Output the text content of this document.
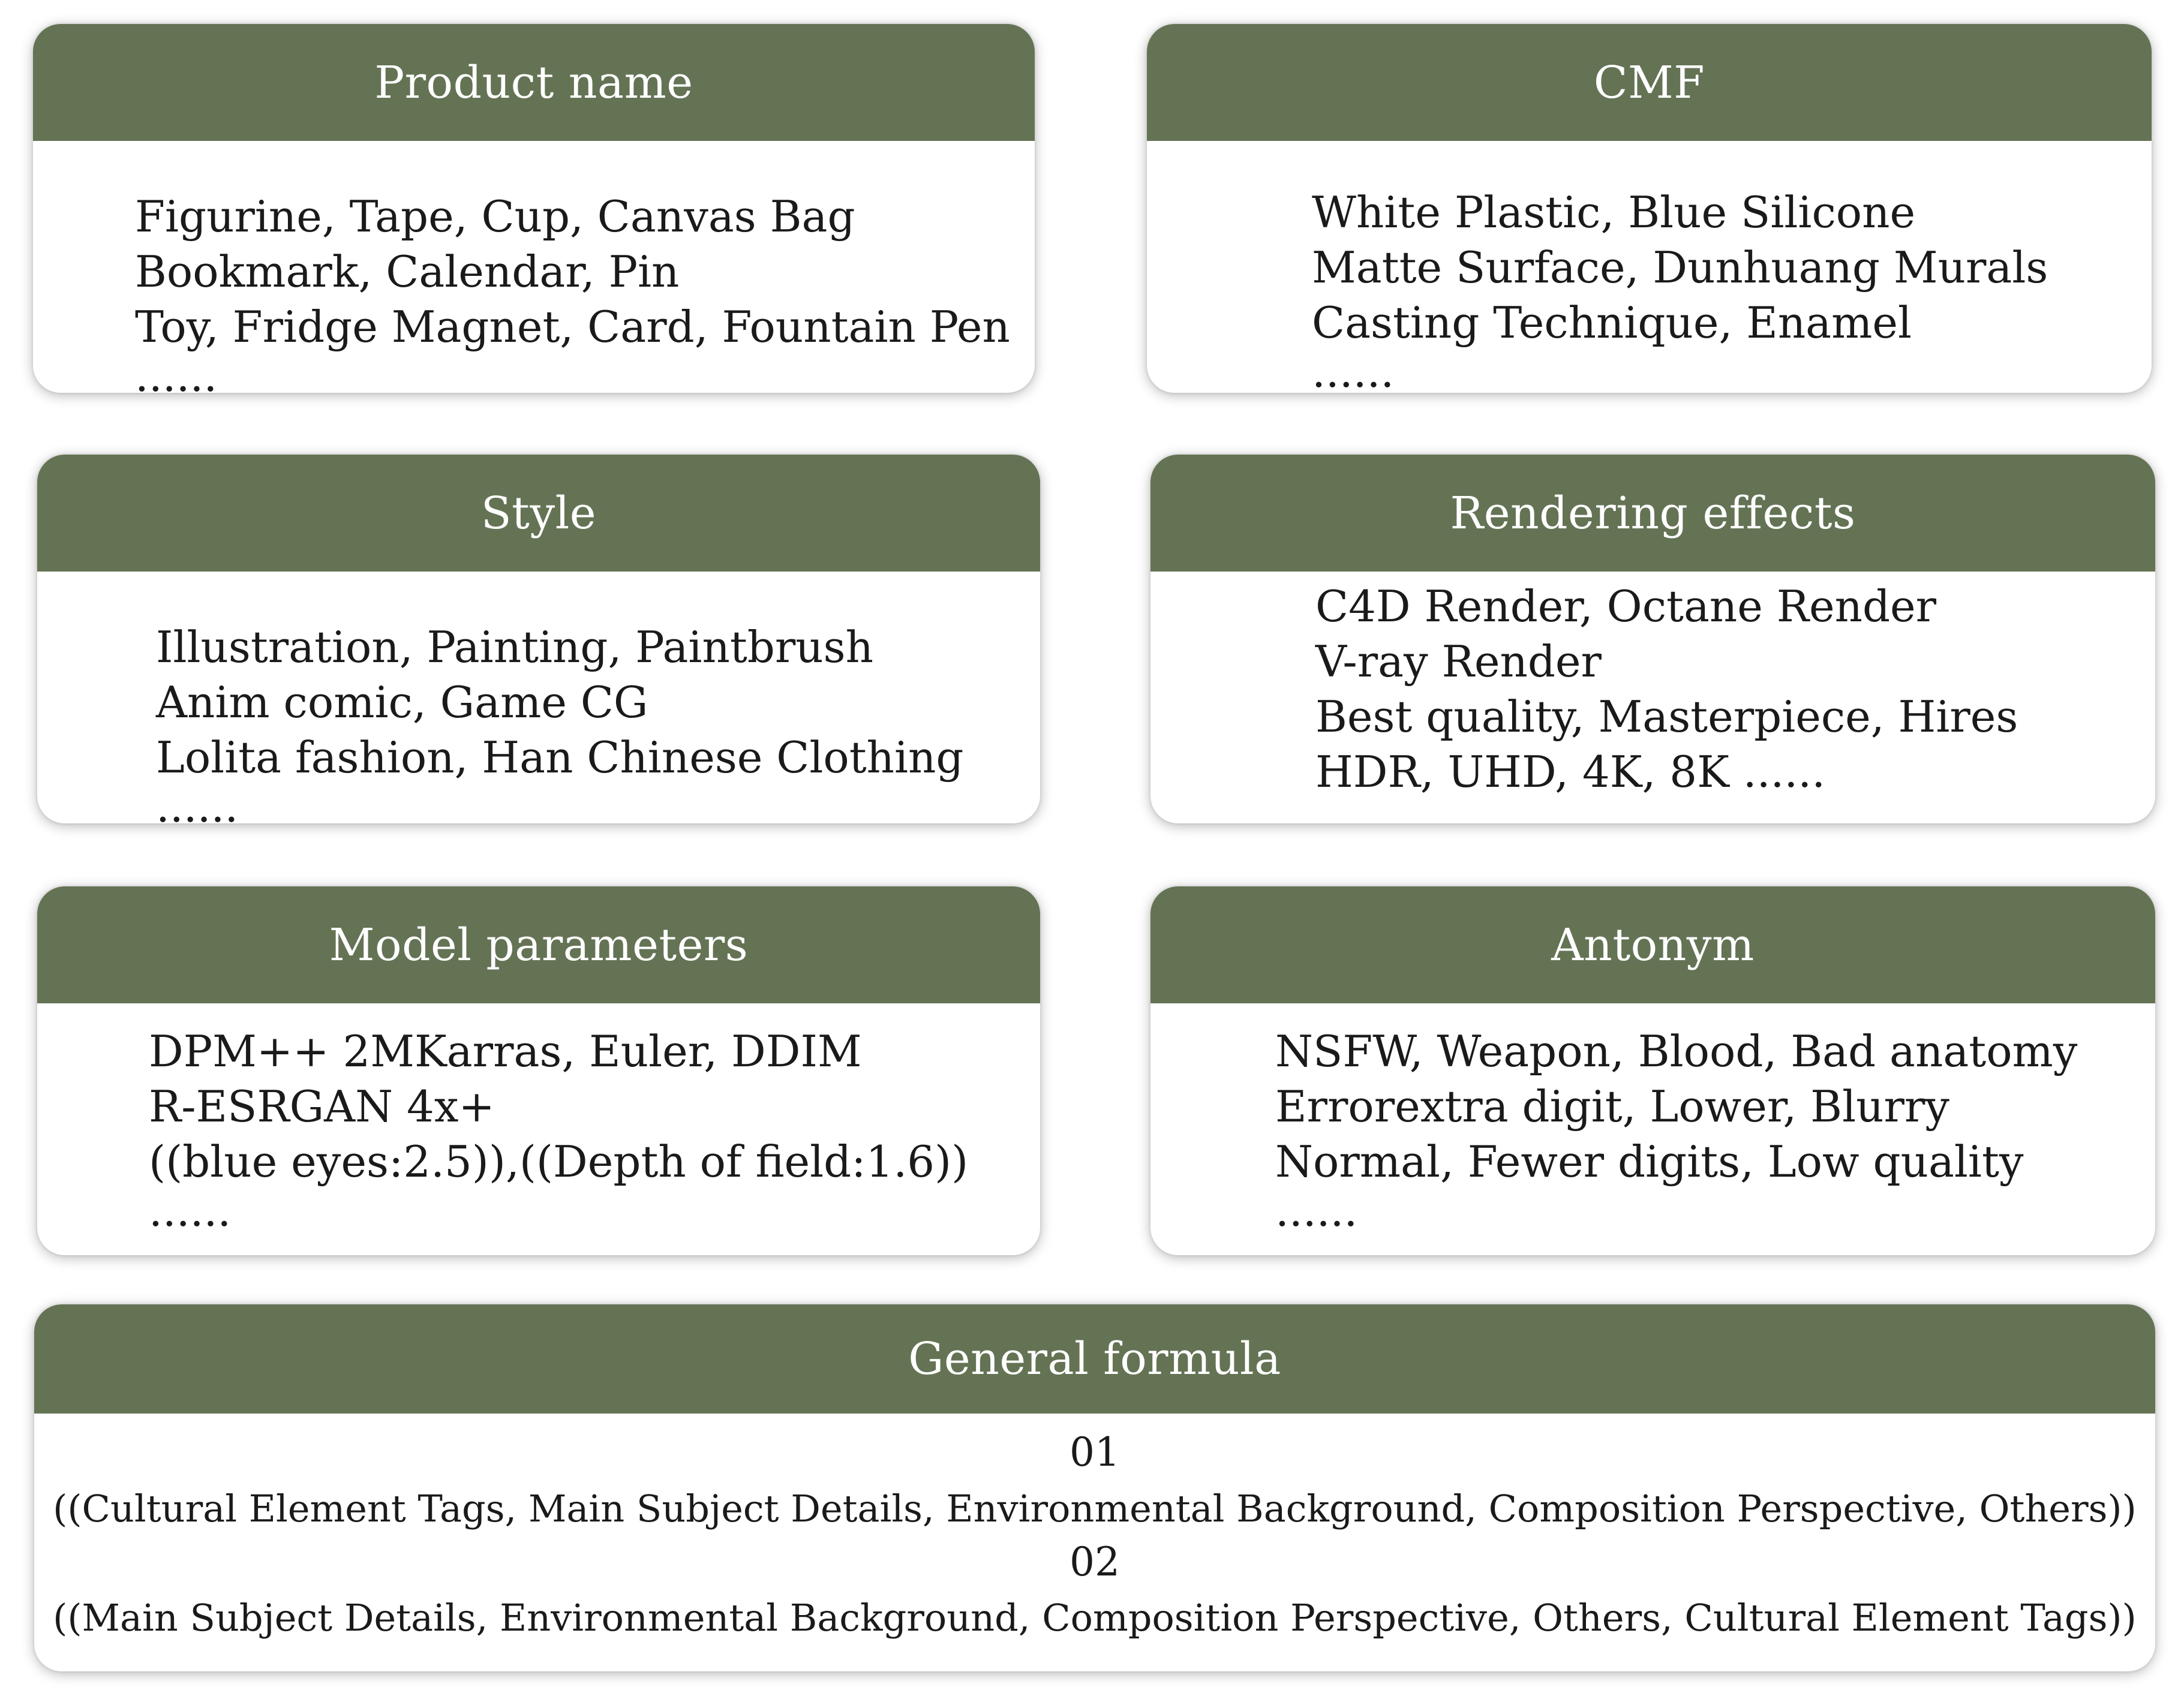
Product name
Figurine, Tape, Cup, Canvas Bag
Bookmark, Calendar, Pin
Toy, Fridge Magnet, Card, Fountain Pen
......
CMF
White Plastic, Blue Silicone
Matte Surface, Dunhuang Murals
Casting Technique, Enamel
......
Style
Illustration, Painting, Paintbrush
Anim comic, Game CG
Lolita fashion, Han Chinese Clothing
......
Rendering effects
C4D Render, Octane Render
V-ray Render
Best quality, Masterpiece, Hires
HDR, UHD, 4K, 8K ......
Model parameters
DPM++ 2MKarras, Euler, DDIM
R-ESRGAN 4x+
((blue eyes:2.5)),((Depth of field:1.6))
......
Antonym
NSFW, Weapon, Blood, Bad anatomy
Errorextra digit, Lower, Blurry
Normal, Fewer digits, Low quality
......
General formula
01
((Cultural Element Tags, Main Subject Details, Environmental Background, Composition Perspective, Others))
02
((Main Subject Details, Environmental Background, Composition Perspective, Others, Cultural Element Tags))
